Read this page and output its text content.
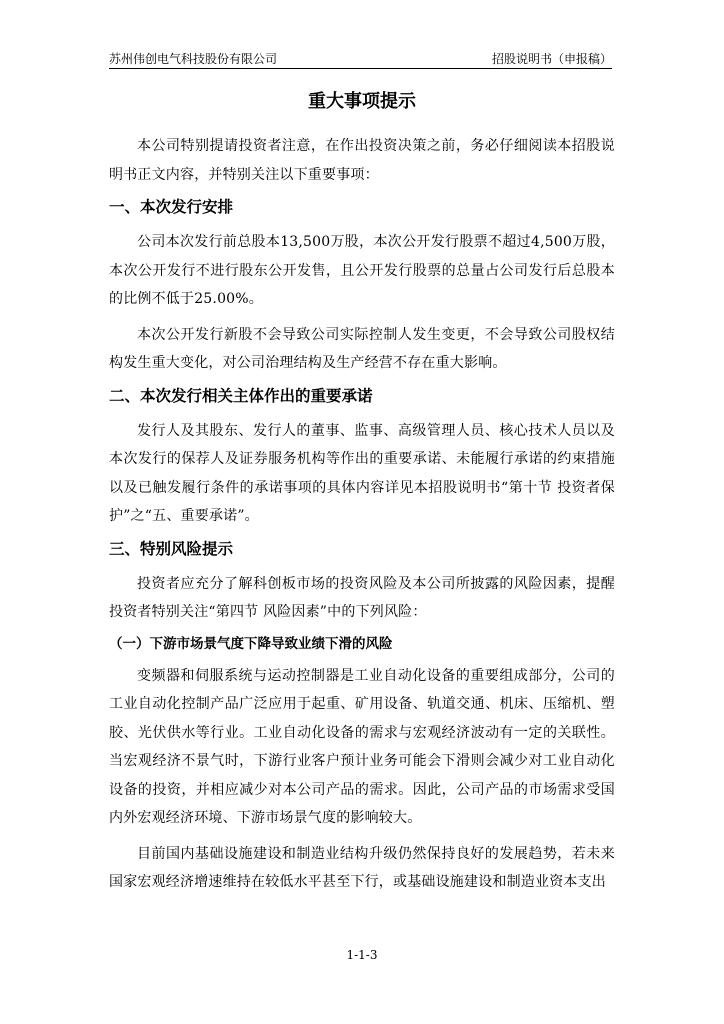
苏州伟创电气科技股份有限公司	招股说明书（申报稿）
重大事项提示

本公司特别提请投资者注意，在作出投资决策之前，务必仔细阅读本招股说明书正文内容，并特别关注以下重要事项：

一、本次发行安排

公司本次发行前总股本13,500万股，本次公开发行股票不超过4,500万股，本次公开发行不进行股东公开发售，且公开发行股票的总量占公司发行后总股本的比例不低于25.00%。

本次公开发行新股不会导致公司实际控制人发生变更，不会导致公司股权结构发生重大变化，对公司治理结构及生产经营不存在重大影响。

二、本次发行相关主体作出的重要承诺

发行人及其股东、发行人的董事、监事、高级管理人员、核心技术人员以及本次发行的保荐人及证券服务机构等作出的重要承诺、未能履行承诺的约束措施以及已触发履行条件的承诺事项的具体内容详见本招股说明书“第十节 投资者保护”之“五、重要承诺”。

三、特别风险提示

投资者应充分了解科创板市场的投资风险及本公司所披露的风险因素，提醒投资者特别关注“第四节 风险因素”中的下列风险：

（一）下游市场景气度下降导致业绩下滑的风险

变频器和伺服系统与运动控制器是工业自动化设备的重要组成部分，公司的工业自动化控制产品广泛应用于起重、矿用设备、轨道交通、机床、压缩机、塑胶、光伏供水等行业。工业自动化设备的需求与宏观经济波动有一定的关联性。当宏观经济不景气时，下游行业客户预计业务可能会下滑则会减少对工业自动化设备的投资，并相应减少对本公司产品的需求。因此，公司产品的市场需求受国内外宏观经济环境、下游市场景气度的影响较大。

目前国内基础设施建设和制造业结构升级仍然保持良好的发展趋势，若未来国家宏观经济增速维持在较低水平甚至下行，或基础设施建设和制造业资本支出

1-1-3
